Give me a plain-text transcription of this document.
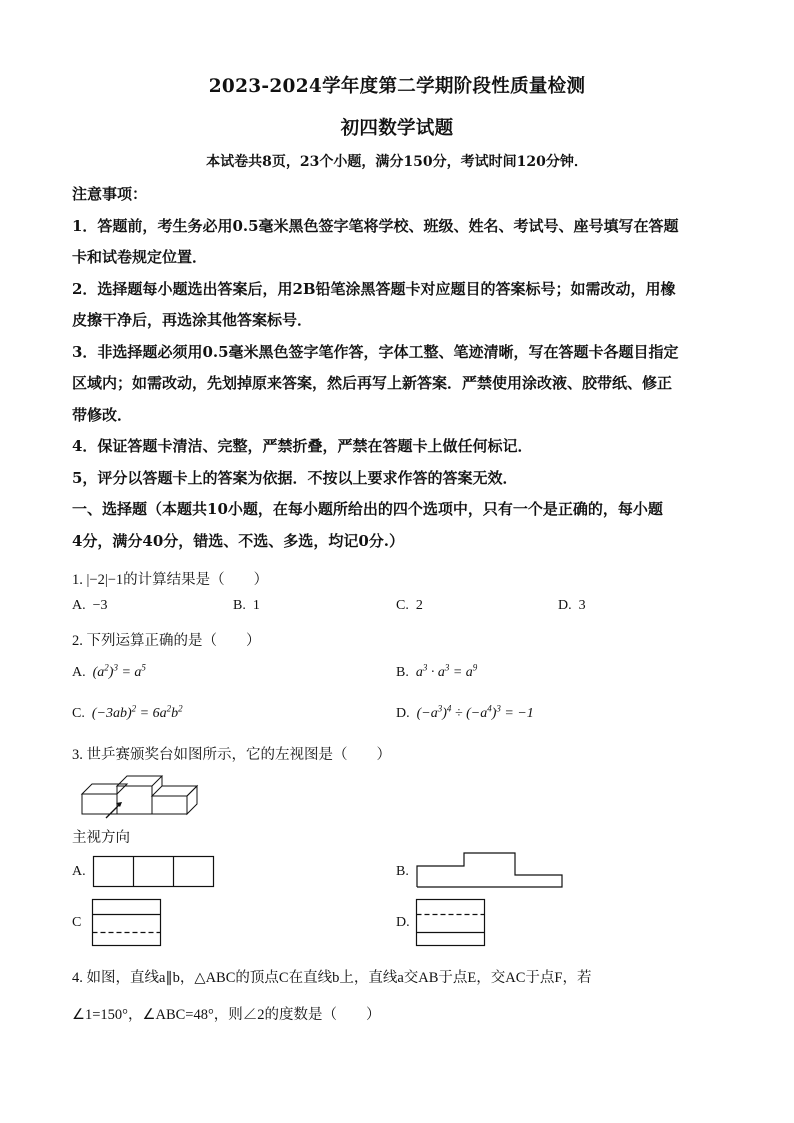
2023-2024学年度第二学期阶段性质量检测
初四数学试题
本试卷共8页，23个小题，满分150分，考试时间120分钟．
注意事项：
1．答题前，考生务必用0.5毫米黑色签字笔将学校、班级、姓名、考试号、座号填写在答题
卡和试卷规定位置．
2．选择题每小题选出答案后，用2B铅笔涂黑答题卡对应题目的答案标号；如需改动，用橡
皮擦干净后，再选涂其他答案标号．
3．非选择题必须用0.5毫米黑色签字笔作答，字体工整、笔迹清晰，写在答题卡各题目指定
区域内；如需改动，先划掉原来答案，然后再写上新答案．严禁使用涂改液、胶带纸、修正
带修改．
4．保证答题卡清洁、完整，严禁折叠，严禁在答题卡上做任何标记．
5，评分以答题卡上的答案为依据．不按以上要求作答的答案无效．
一、选择题（本题共10小题，在每小题所给出的四个选项中，只有一个是正确的，每小题
4分，满分40分，错选、不选、多选，均记0分.）
1. |−2|−1的计算结果是（　　）
A. −3	B. 1	C. 2	D. 3
2. 下列运算正确的是（　　）
A. $(a^2)^3 = a^5$	B. $a^3 \cdot a^3 = a^9$
C. $(-3ab)^2 = 6a^2b^2$	D. $(-a^3)^4 \div (-a^4)^3 = -1$
3. 世乒赛颁奖台如图所示，它的左视图是（　　）
主视方向
A.	B.
C	D.
4. 如图，直线a∥b，△ABC的顶点C在直线b上，直线a交AB于点E，交AC于点F，若
∠1=150°，∠ABC=48°，则∠2的度数是（　　）
